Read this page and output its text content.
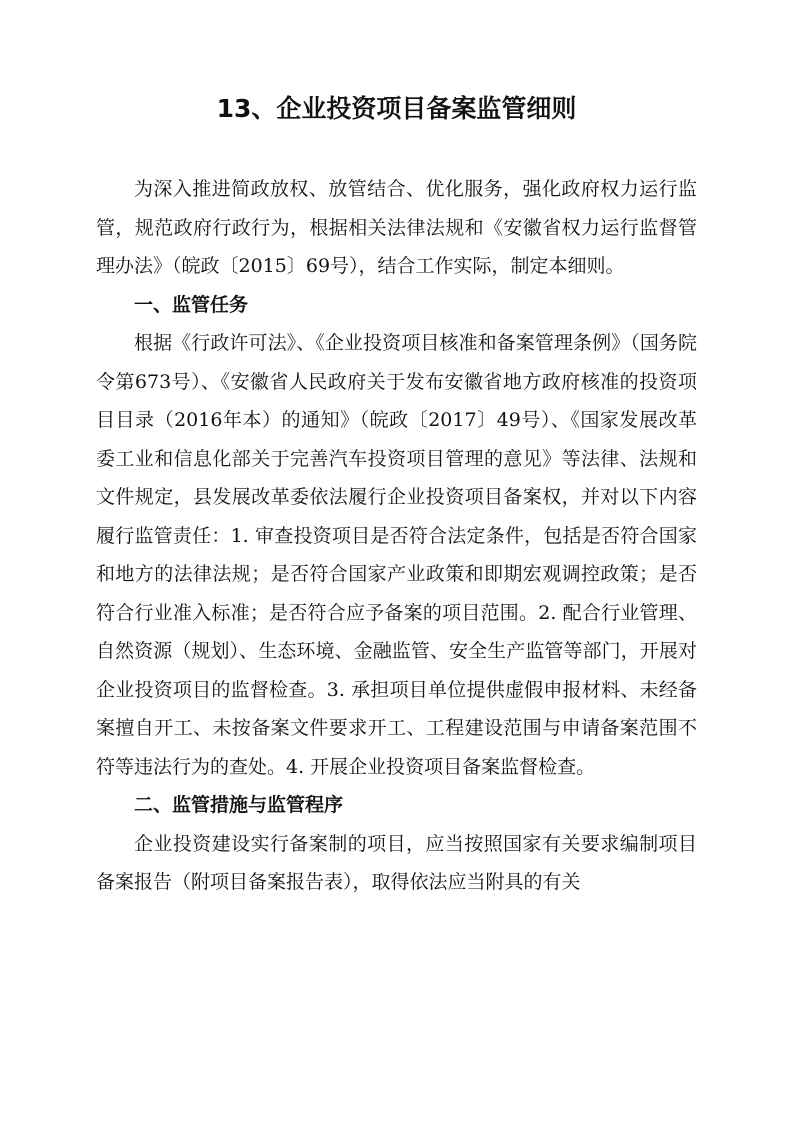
13、企业投资项目备案监管细则

为深入推进简政放权、放管结合、优化服务，强化政府权力运行监管，规范政府行政行为，根据相关法律法规和《安徽省权力运行监督管理办法》（皖政〔2015〕69号），结合工作实际，制定本细则。

一、监管任务

根据《行政许可法》、《企业投资项目核准和备案管理条例》（国务院令第673号）、《安徽省人民政府关于发布安徽省地方政府核准的投资项目目录（2016年本）的通知》（皖政〔2017〕49号）、《国家发展改革委工业和信息化部关于完善汽车投资项目管理的意见》等法律、法规和文件规定，县发展改革委依法履行企业投资项目备案权，并对以下内容履行监管责任：1. 审查投资项目是否符合法定条件，包括是否符合国家和地方的法律法规；是否符合国家产业政策和即期宏观调控政策；是否符合行业准入标准；是否符合应予备案的项目范围。2. 配合行业管理、自然资源（规划）、生态环境、金融监管、安全生产监管等部门，开展对企业投资项目的监督检查。3. 承担项目单位提供虚假申报材料、未经备案擅自开工、未按备案文件要求开工、工程建设范围与申请备案范围不符等违法行为的查处。4. 开展企业投资项目备案监督检查。

二、监管措施与监管程序

企业投资建设实行备案制的项目，应当按照国家有关要求编制项目备案报告（附项目备案报告表），取得依法应当附具的有关
